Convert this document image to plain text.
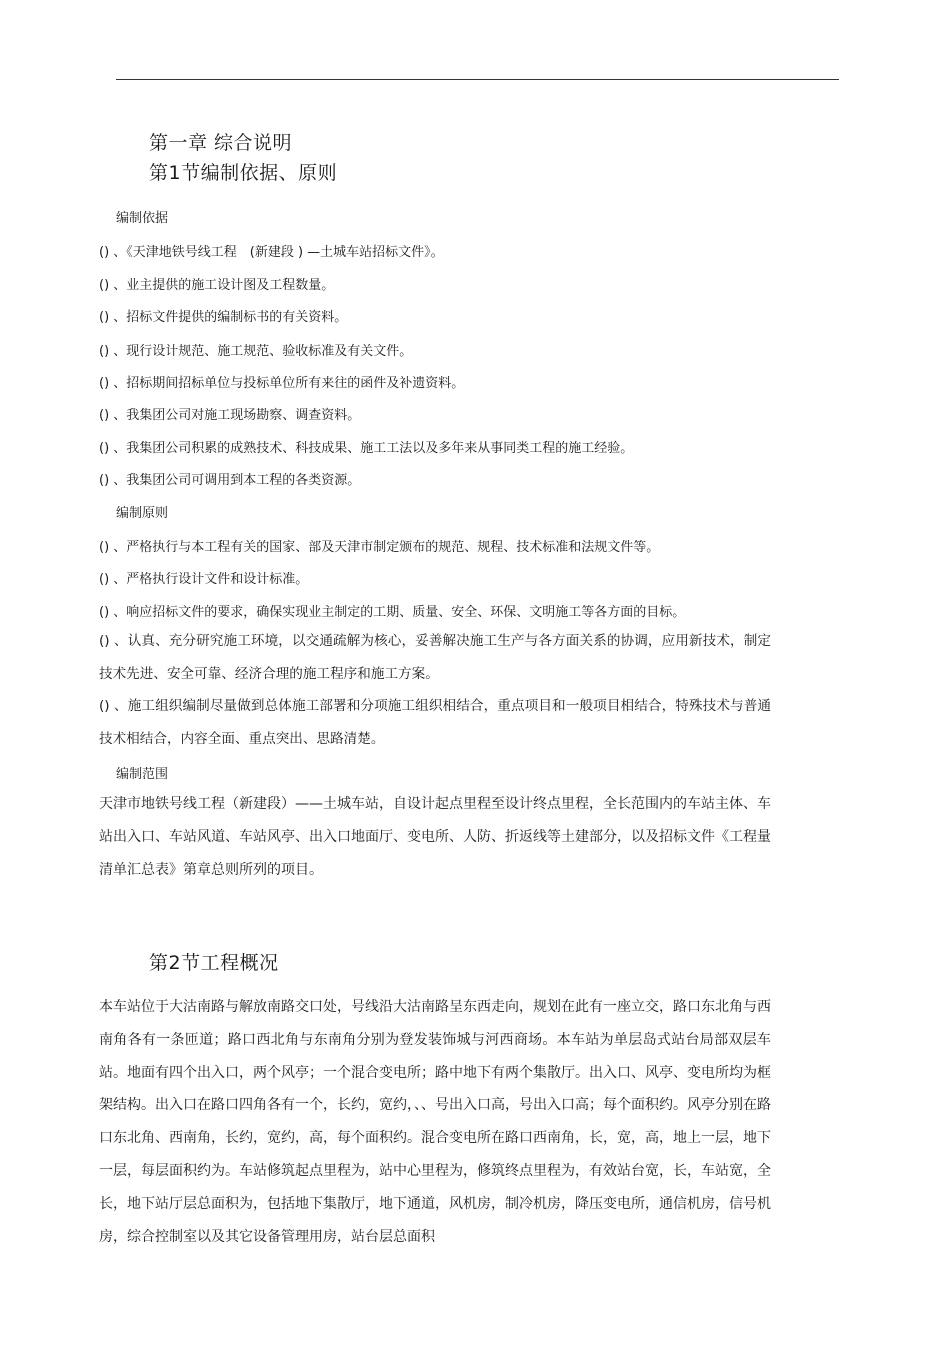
第一章 综合说明
第1节编制依据、原则
编制依据
() 、《天津地铁号线工程　(新建段 ) —土城车站招标文件》。
() 、业主提供的施工设计图及工程数量。
() 、招标文件提供的编制标书的有关资料。
() 、现行设计规范、施工规范、验收标准及有关文件。
() 、招标期间招标单位与投标单位所有来往的函件及补遗资料。
() 、我集团公司对施工现场勘察、调查资料。
() 、我集团公司积累的成熟技术、科技成果、施工工法以及多年来从事同类工程的施工经验。
() 、我集团公司可调用到本工程的各类资源。
编制原则
() 、严格执行与本工程有关的国家、部及天津市制定颁布的规范、规程、技术标准和法规文件等。
() 、严格执行设计文件和设计标准。
() 、响应招标文件的要求，确保实现业主制定的工期、质量、安全、环保、文明施工等各方面的目标。

() 、认真、充分研究施工环境，以交通疏解为核心，妥善解决施工生产与各方面关系的协调，应用新技术，制定技术先进、安全可靠、经济合理的施工程序和施工方案。

() 、施工组织编制尽量做到总体施工部署和分项施工组织相结合，重点项目和一般项目相结合，特殊技术与普通技术相结合，内容全面、重点突出、思路清楚。

编制范围

天津市地铁号线工程（新建段）——土城车站，自设计起点里程至设计终点里程，全长范围内的车站主体、车站出入口、车站风道、车站风亭、出入口地面厅、变电所、人防、折返线等土建部分，以及招标文件《工程量清单汇总表》第章总则所列的项目。

第2节工程概况

本车站位于大沽南路与解放南路交口处，号线沿大沽南路呈东西走向，规划在此有一座立交，路口东北角与西南角各有一条匝道；路口西北角与东南角分别为登发装饰城与河西商场。本车站为单层岛式站台局部双层车站。地面有四个出入口，两个风亭；一个混合变电所；路中地下有两个集散厅。出入口、风亭、变电所均为框架结构。出入口在路口四角各有一个，长约，宽约，、、号出入口高，号出入口高；每个面积约。风亭分别在路口东北角、西南角，长约，宽约，高，每个面积约。混合变电所在路口西南角，长，宽，高，地上一层，地下一层，每层面积约为。车站修筑起点里程为，站中心里程为，修筑终点里程为，有效站台宽，长，车站宽，全长，地下站厅层总面积为，包括地下集散厅，地下通道，风机房，制冷机房，降压变电所，通信机房，信号机房，综合控制室以及其它设备管理用房，站台层总面积
